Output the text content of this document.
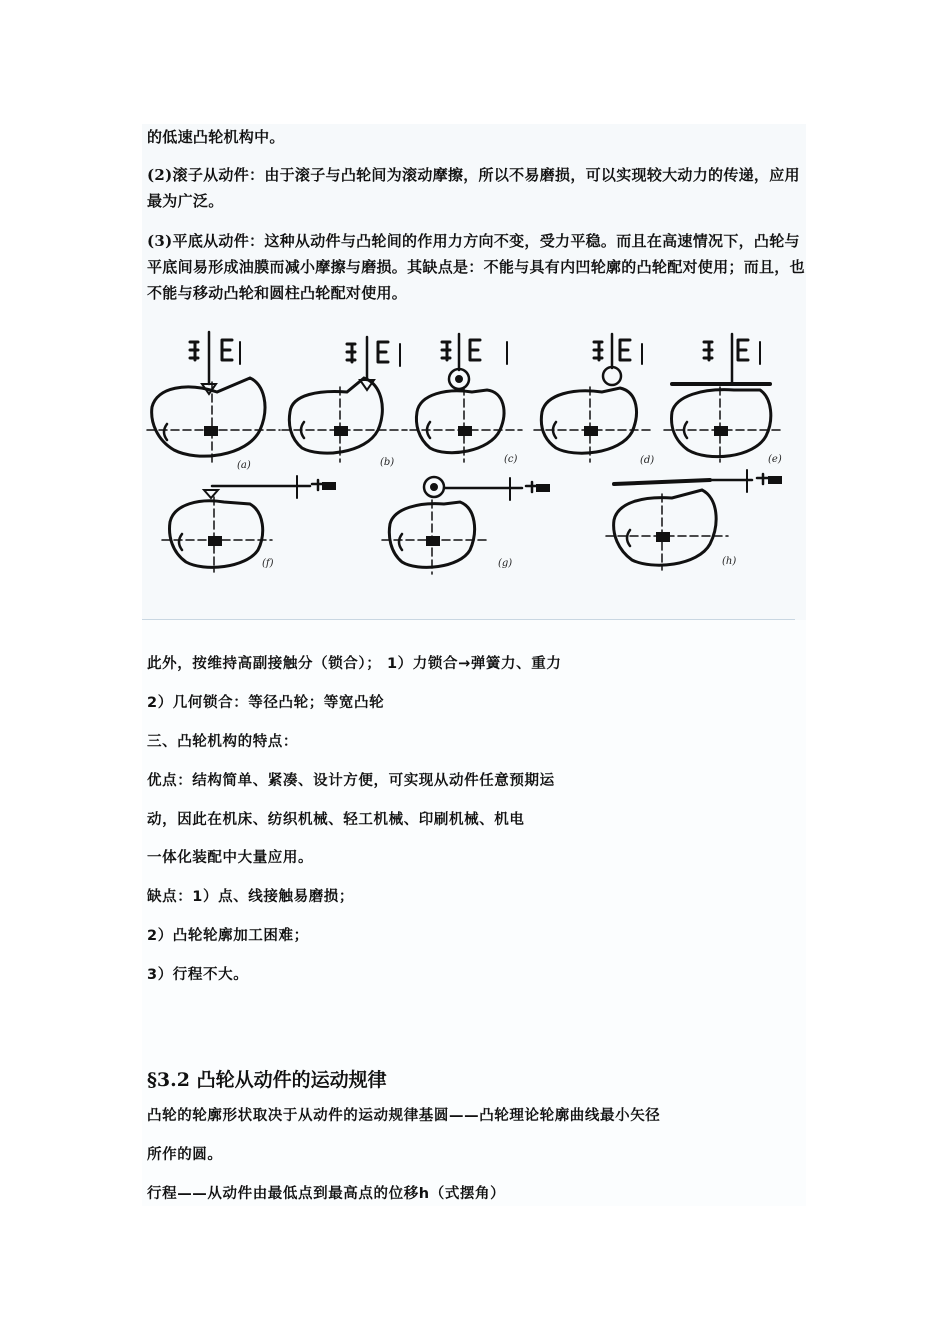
的低速凸轮机构中。
(2)滚子从动件：由于滚子与凸轮间为滚动摩擦，所以不易磨损，可以实现较大动力的传递，应用
最为广泛。
(3)平底从动件：这种从动件与凸轮间的作用力方向不变，受力平稳。而且在高速情况下，凸轮与
平底间易形成油膜而减小摩擦与磨损。其缺点是：不能与具有内凹轮廓的凸轮配对使用；而且，也
不能与移动凸轮和圆柱凸轮配对使用。
(a)	(b)	(c)	(d)	(e)
(f)	(g)	(h)
此外，按维持高副接触分（锁合）； 1）力锁合→弹簧力、重力
2）几何锁合：等径凸轮；等宽凸轮
三、凸轮机构的特点：
优点：结构简单、紧凑、设计方便，可实现从动件任意预期运
动，因此在机床、纺织机械、轻工机械、印刷机械、机电
一体化装配中大量应用。
缺点：1）点、线接触易磨损；
2）凸轮轮廓加工困难；
3）行程不大。
§3.2 凸轮从动件的运动规律
凸轮的轮廓形状取决于从动件的运动规律基圆——凸轮理论轮廓曲线最小矢径
所作的圆。
行程——从动件由最低点到最高点的位移h（式摆角）
